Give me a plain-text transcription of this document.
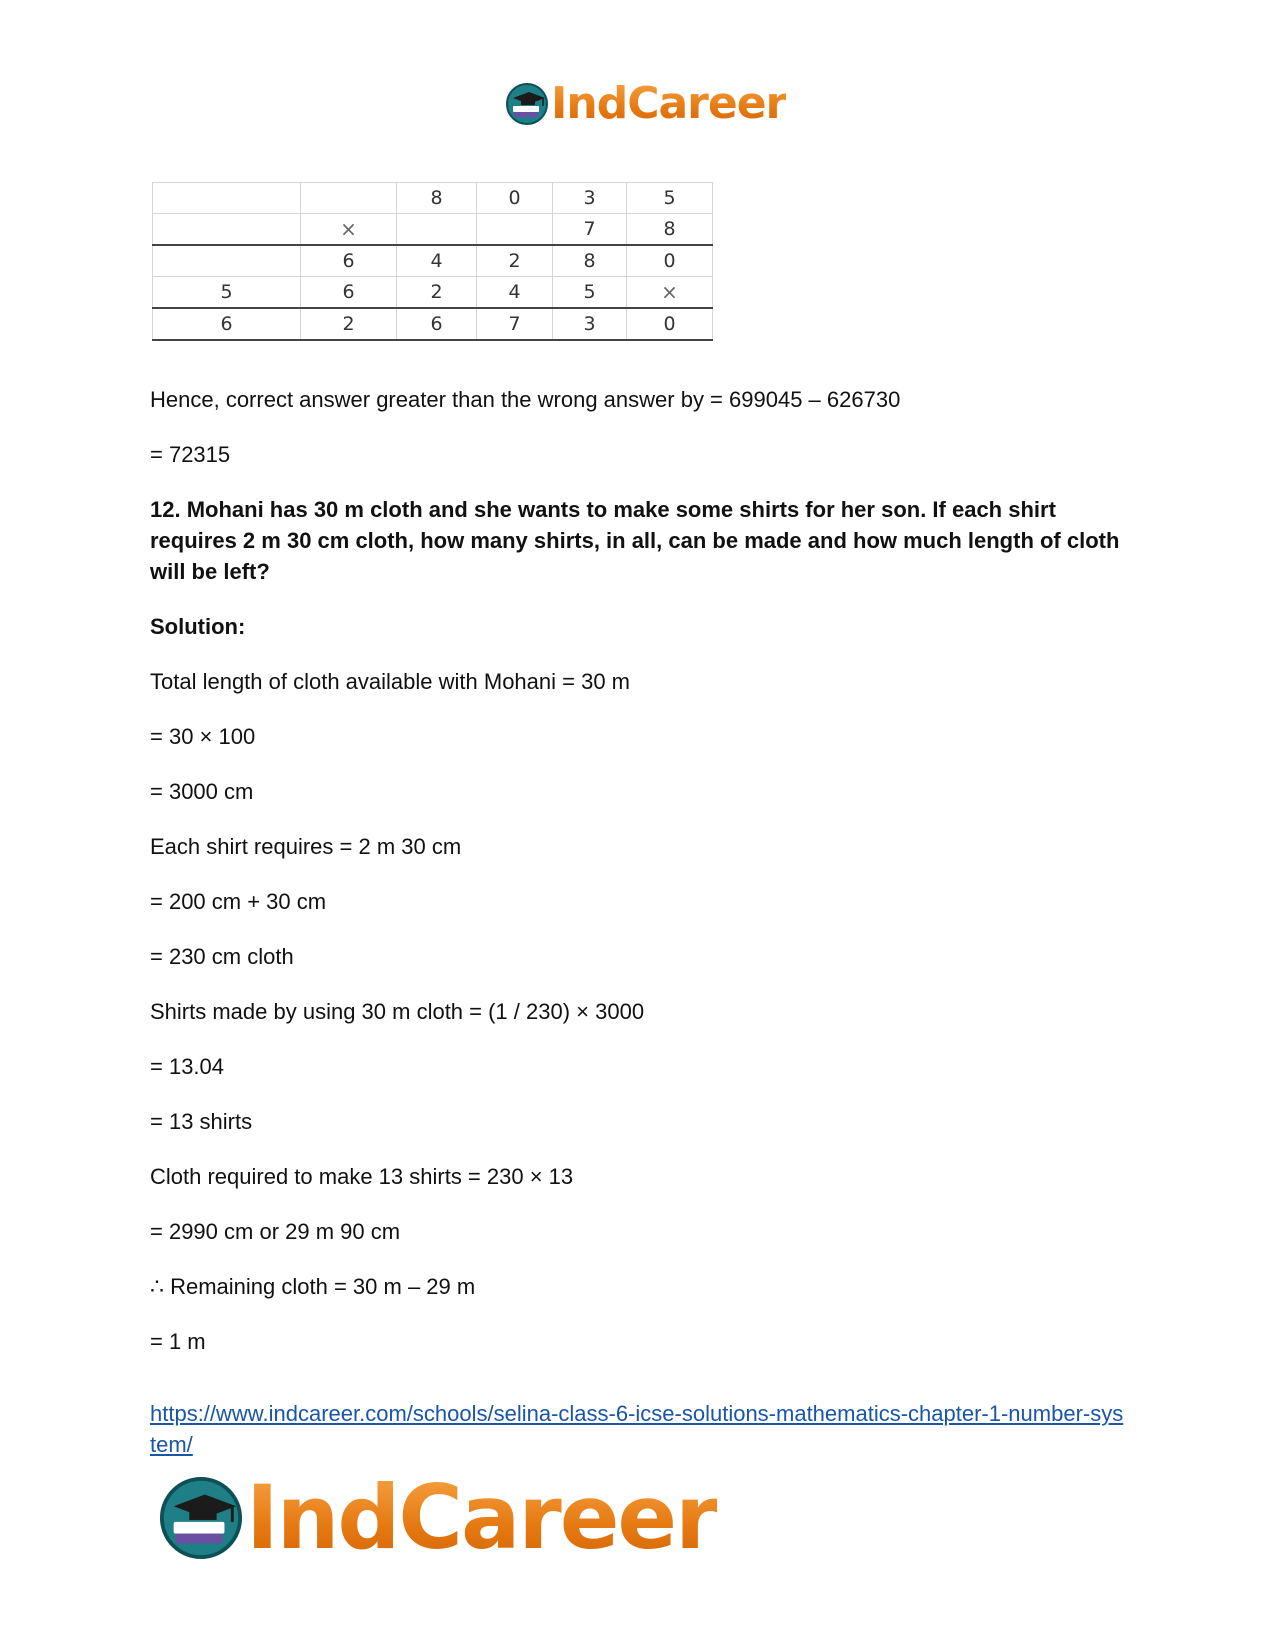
IndCareer
		8	0	3	5
	×			7	8
	6	4	2	8	0
5	6	2	4	5	×
6	2	6	7	3	0

Hence, correct answer greater than the wrong answer by = 699045 – 626730

= 72315

12. Mohani has 30 m cloth and she wants to make some shirts for her son. If each shirt requires 2 m 30 cm cloth, how many shirts, in all, can be made and how much length of cloth will be left?

Solution:

Total length of cloth available with Mohani = 30 m

= 30 × 100

= 3000 cm

Each shirt requires = 2 m 30 cm

= 200 cm + 30 cm

= 230 cm cloth

Shirts made by using 30 m cloth = (1 / 230) × 3000

= 13.04

= 13 shirts

Cloth required to make 13 shirts = 230 × 13

= 2990 cm or 29 m 90 cm

∴ Remaining cloth = 30 m – 29 m

= 1 m

https://www.indcareer.com/schools/selina-class-6-icse-solutions-mathematics-chapter-1-number-system/
IndCareer
